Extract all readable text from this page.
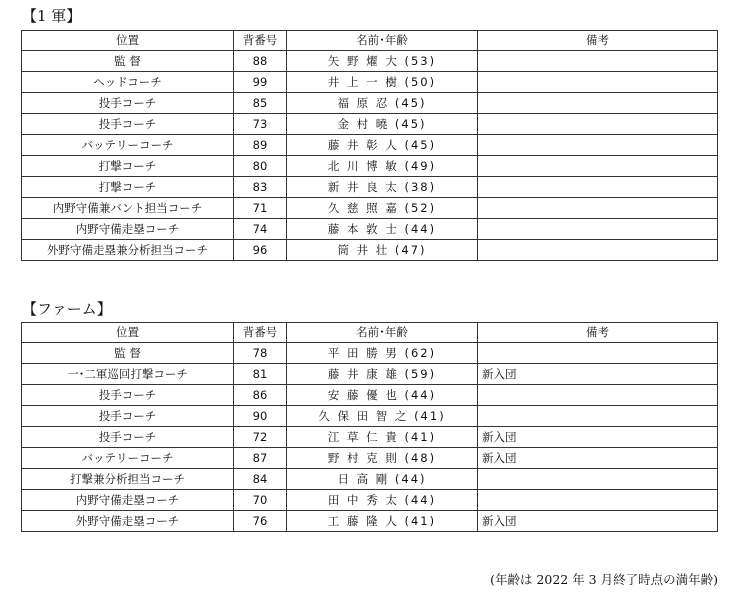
【1 軍】
位置	背番号	名前･年齢	備考
監 督	88	矢 野 燿 大 (53)	
ヘッドコーチ	99	井 上 一 樹 (50)	
投手コーチ	85	福 原 忍 (45)	
投手コーチ	73	金 村 曉 (45)	
バッテリーコーチ	89	藤 井 彰 人 (45)	
打撃コーチ	80	北 川 博 敏 (49)	
打撃コーチ	83	新 井 良 太 (38)	
内野守備兼バント担当コーチ	71	久 慈 照 嘉 (52)	
内野守備走塁コーチ	74	藤 本 敦 士 (44)	
外野守備走塁兼分析担当コーチ	96	筒 井 壮 (47)	
【ファーム】
位置	背番号	名前･年齢	備考
監 督	78	平 田 勝 男 (62)	
一･二軍巡回打撃コーチ	81	藤 井 康 雄 (59)	新入団
投手コーチ	86	安 藤 優 也 (44)	
投手コーチ	90	久 保 田 智 之 (41)	
投手コーチ	72	江 草 仁 貴 (41)	新入団
バッテリーコーチ	87	野 村 克 則 (48)	新入団
打撃兼分析担当コーチ	84	日 高 剛 (44)	
内野守備走塁コーチ	70	田 中 秀 太 (44)	
外野守備走塁コーチ	76	工 藤 隆 人 (41)	新入団
(年齢は 2022 年 3 月終了時点の満年齢)
